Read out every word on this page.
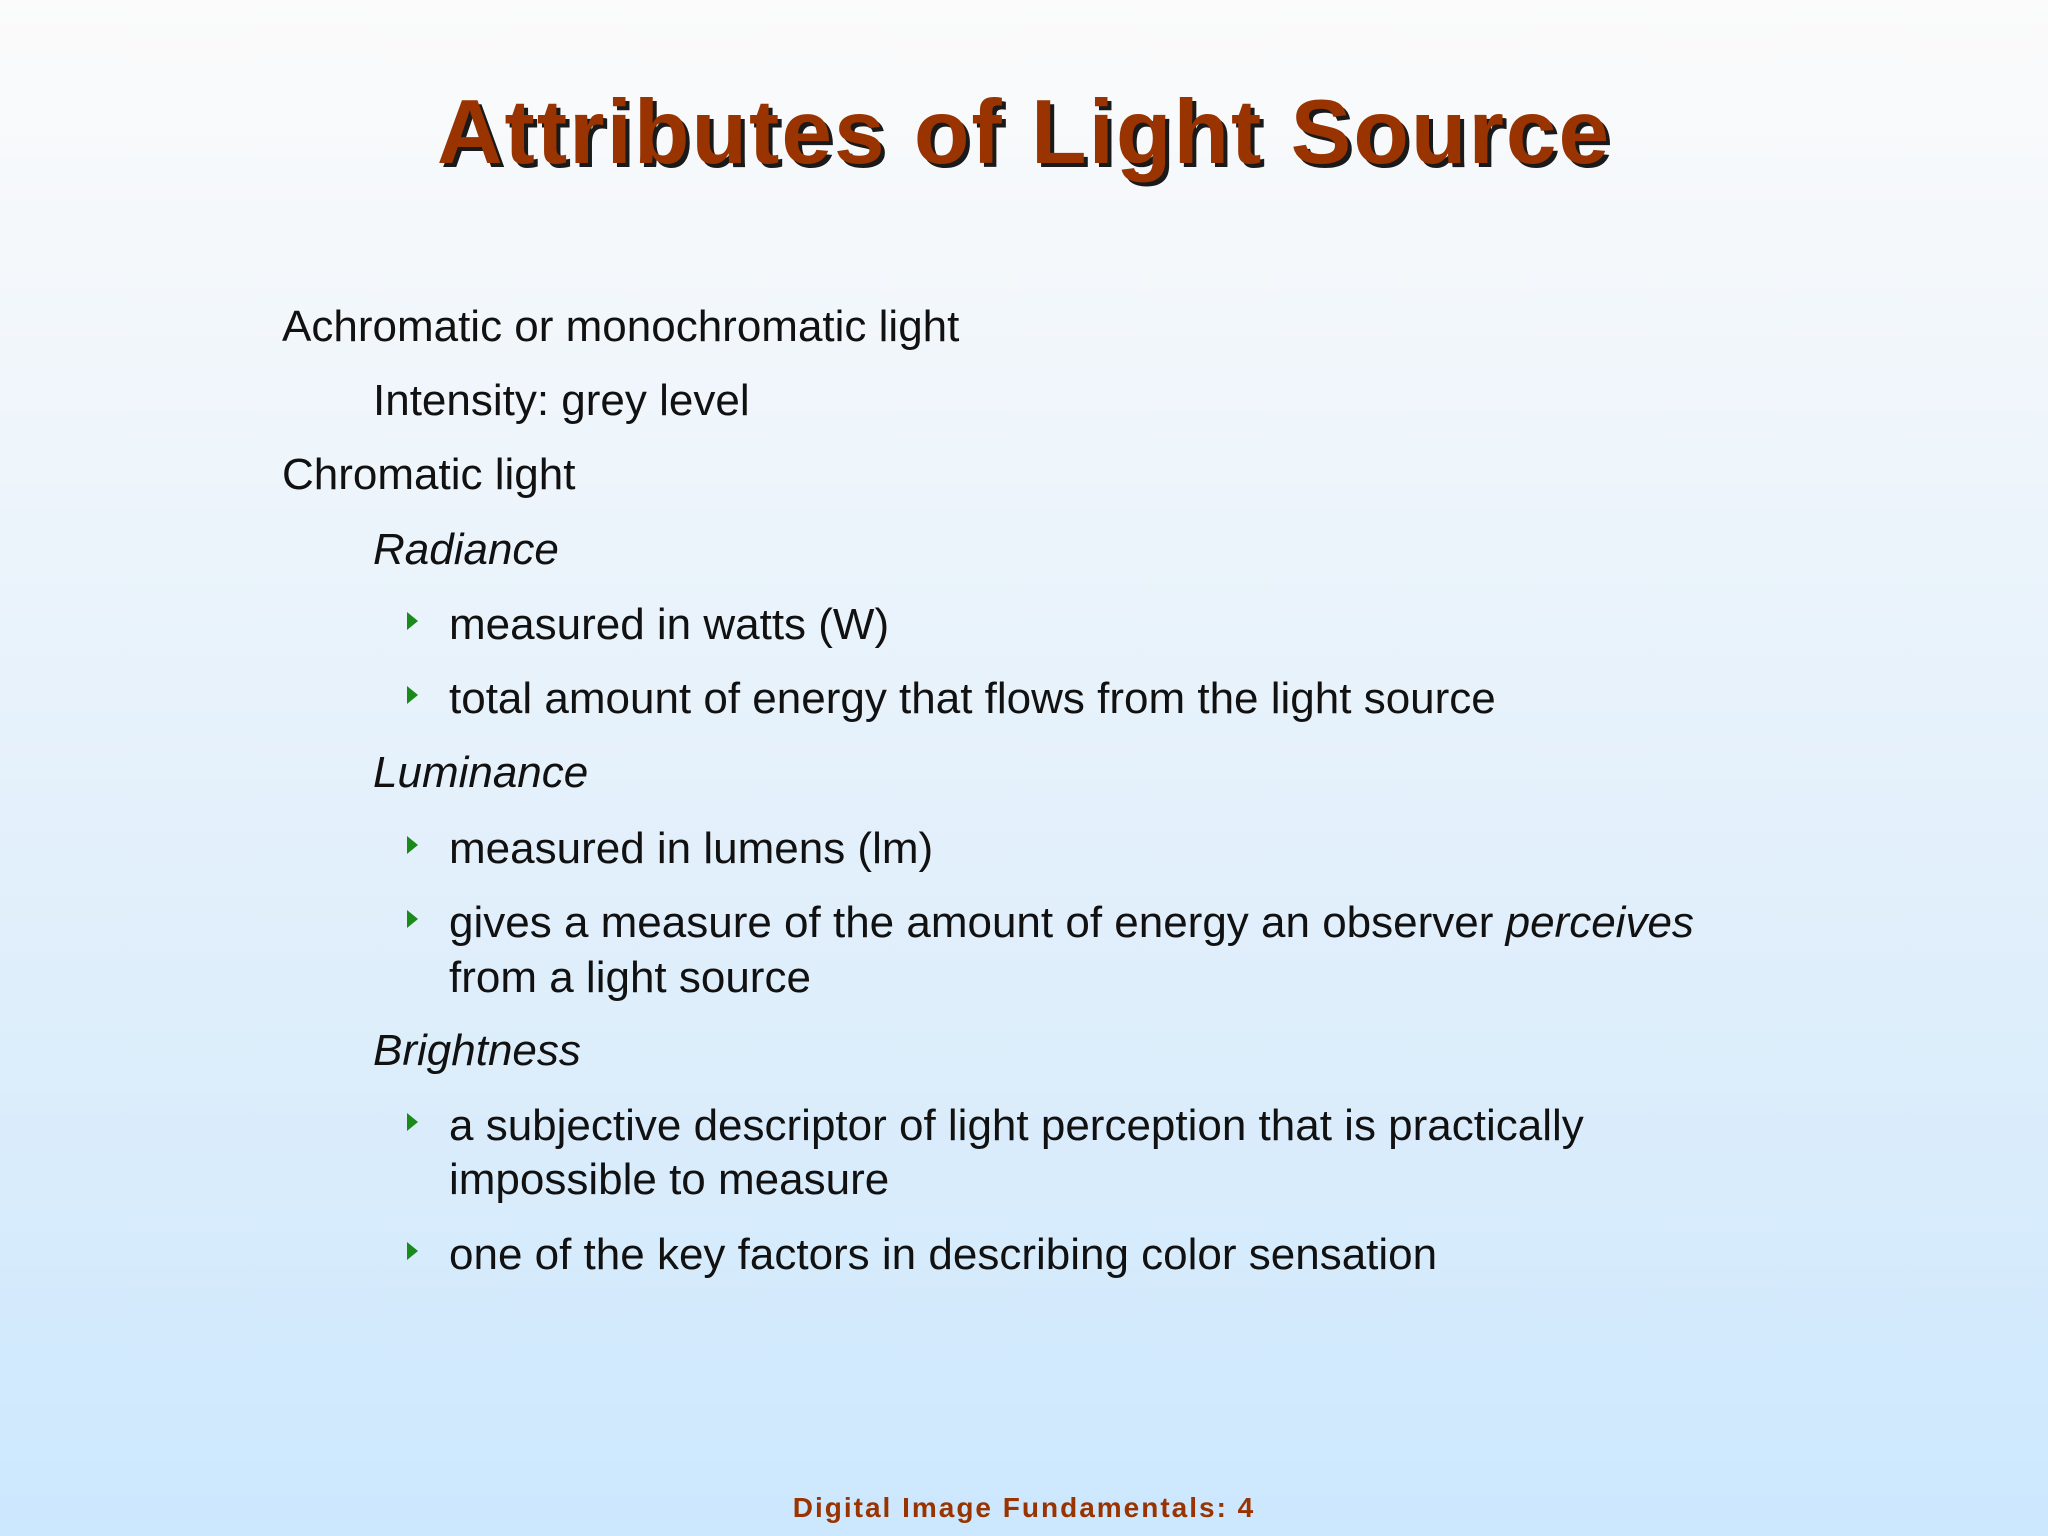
Attributes of Light Source
Achromatic or monochromatic light
Intensity: grey level
Chromatic light
Radiance
measured in watts (W)
total amount of energy that flows from the light source
Luminance
measured in lumens (lm)
gives a measure of the amount of energy an observer perceives
from a light source
Brightness
a subjective descriptor of light perception that is practically
impossible to measure
one of the key factors in describing color sensation
Digital Image Fundamentals: 4
